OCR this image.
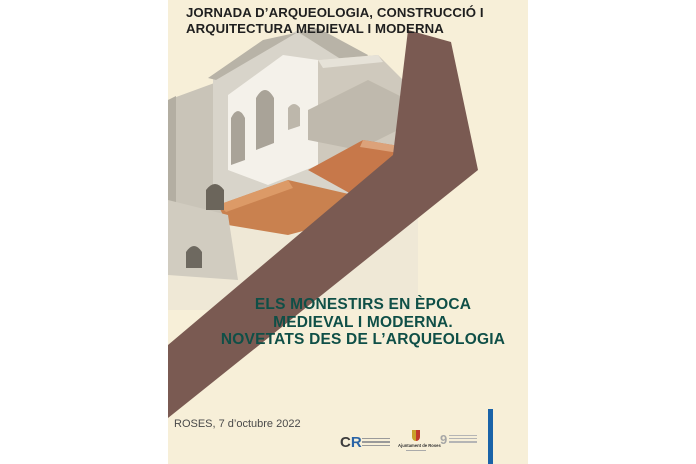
JORNADA D’ARQUEOLOGIA, CONSTRUCCIÓ I
ARQUITECTURA MEDIEVAL I MODERNA
ELS MONESTIRS EN ÈPOCA
MEDIEVAL I MODERNA.
NOVETATS DES DE L’ARQUEOLOGIA
ROSES, 7 d’octubre 2022
CR	Ajuntament de Roses 9
